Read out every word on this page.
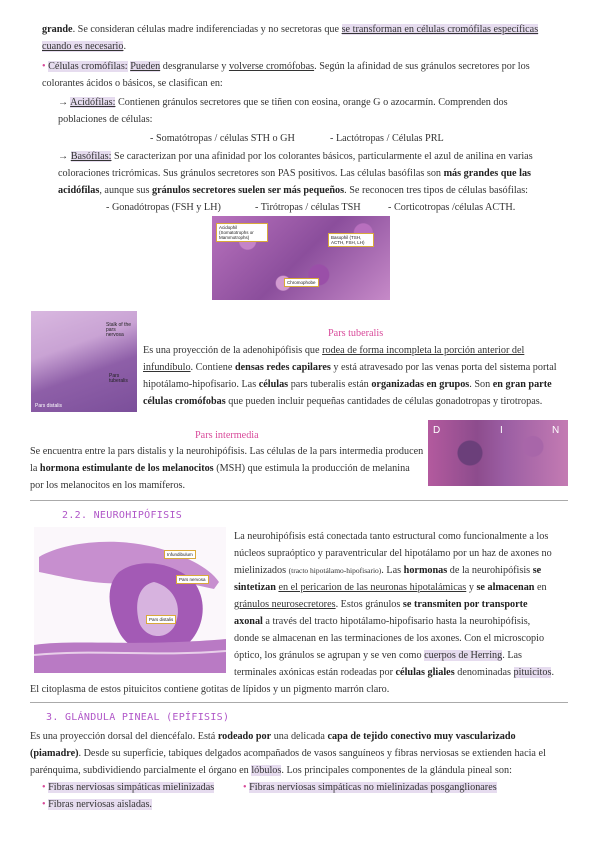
grande. Se consideran células madre indiferenciadas y no secretoras que se transforman en células cromófilas específicas
cuando es necesario.
• Células cromófilas: Pueden desgranularse y volverse cromófobas. Según la afinidad de sus gránulos secretores por los
colorantes ácidos o básicos, se clasifican en:
→ Acidófilas: Contienen gránulos secretores que se tiñen con eosina, orange G o azocarmín. Comprenden dos
poblaciones de células:
- Somatótropas / células STH o GH	- Lactótropas / Células PRL
→ Basófilas: Se caracterizan por una afinidad por los colorantes básicos, particularmente el azul de anilina en varias
coloraciones tricrómicas. Sus gránulos secretores son PAS positivos. Las células basófilas son más grandes que las
acidófilas, aunque sus gránulos secretores suelen ser más pequeños. Se reconocen tres tipos de células basófilas:
- Gonadótropas (FSH y LH)	- Tirótropas / células TSH	- Corticotropas /células ACTH.
Acidophil (Somatotrophs or Mammotrophs)	Basophil (TSH, ACTH, FSH, LH)
Chromophobe
Stalk of the pars nervosa
Pars tuberalis
Pars distalis
Pars tuberalis
Es una proyección de la adenohipófisis que rodea de forma incompleta la porción anterior del
infundíbulo. Contiene densas redes capilares y está atravesado por las venas porta del sistema portal
hipotálamo-hipofisario. Las células pars tuberalis están organizadas en grupos. Son en gran parte
células cromófobas que pueden incluir pequeñas cantidades de células gonadotropas y tirotropas.
Pars intermedia
Se encuentra entre la pars distalis y la neurohipófisis. Las células de la pars intermedia producen
la hormona estimulante de los melanocitos (MSH) que estimula la producción de melanina
por los melanocitos en los mamíferos.
D	I	N
2.2. NEUROHIPÓFISIS
Infundibulum
Pars nervosa
Pars distalis
La neurohipófisis está conectada tanto estructural como funcionalmente a los
núcleos supraóptico y paraventricular del hipotálamo por un haz de axones no
mielinizados (tracto hipotálamo-hipofisario). Las hormonas de la neurohipófisis se
sintetizan en el pericarion de las neuronas hipotalámicas y se almacenan en
gránulos neurosecretores. Estos gránulos se transmiten por transporte
axonal a través del tracto hipotálamo-hipofisario hasta la neurohipófisis,
donde se almacenan en las terminaciones de los axones. Con el microscopio
óptico, los gránulos se agrupan y se ven como cuerpos de Herring. Las
terminales axónicas están rodeadas por células gliales denominadas pituicitos.
El citoplasma de estos pituicitos contiene gotitas de lípidos y un pigmento marrón claro.
3. GLÁNDULA PINEAL (EPÍFISIS)
Es una proyección dorsal del diencéfalo. Está rodeado por una delicada capa de tejido conectivo muy vascularizado
(piamadre). Desde su superficie, tabiques delgados acompañados de vasos sanguíneos y fibras nerviosas se extienden hacia el
parénquima, subdividiendo parcialmente el órgano en lóbulos. Los principales componentes de la glándula pineal son:
• Fibras nerviosas simpáticas mielinizadas	• Fibras nerviosas simpáticas no mielinizadas posganglionares
• Fibras nerviosas aisladas.
